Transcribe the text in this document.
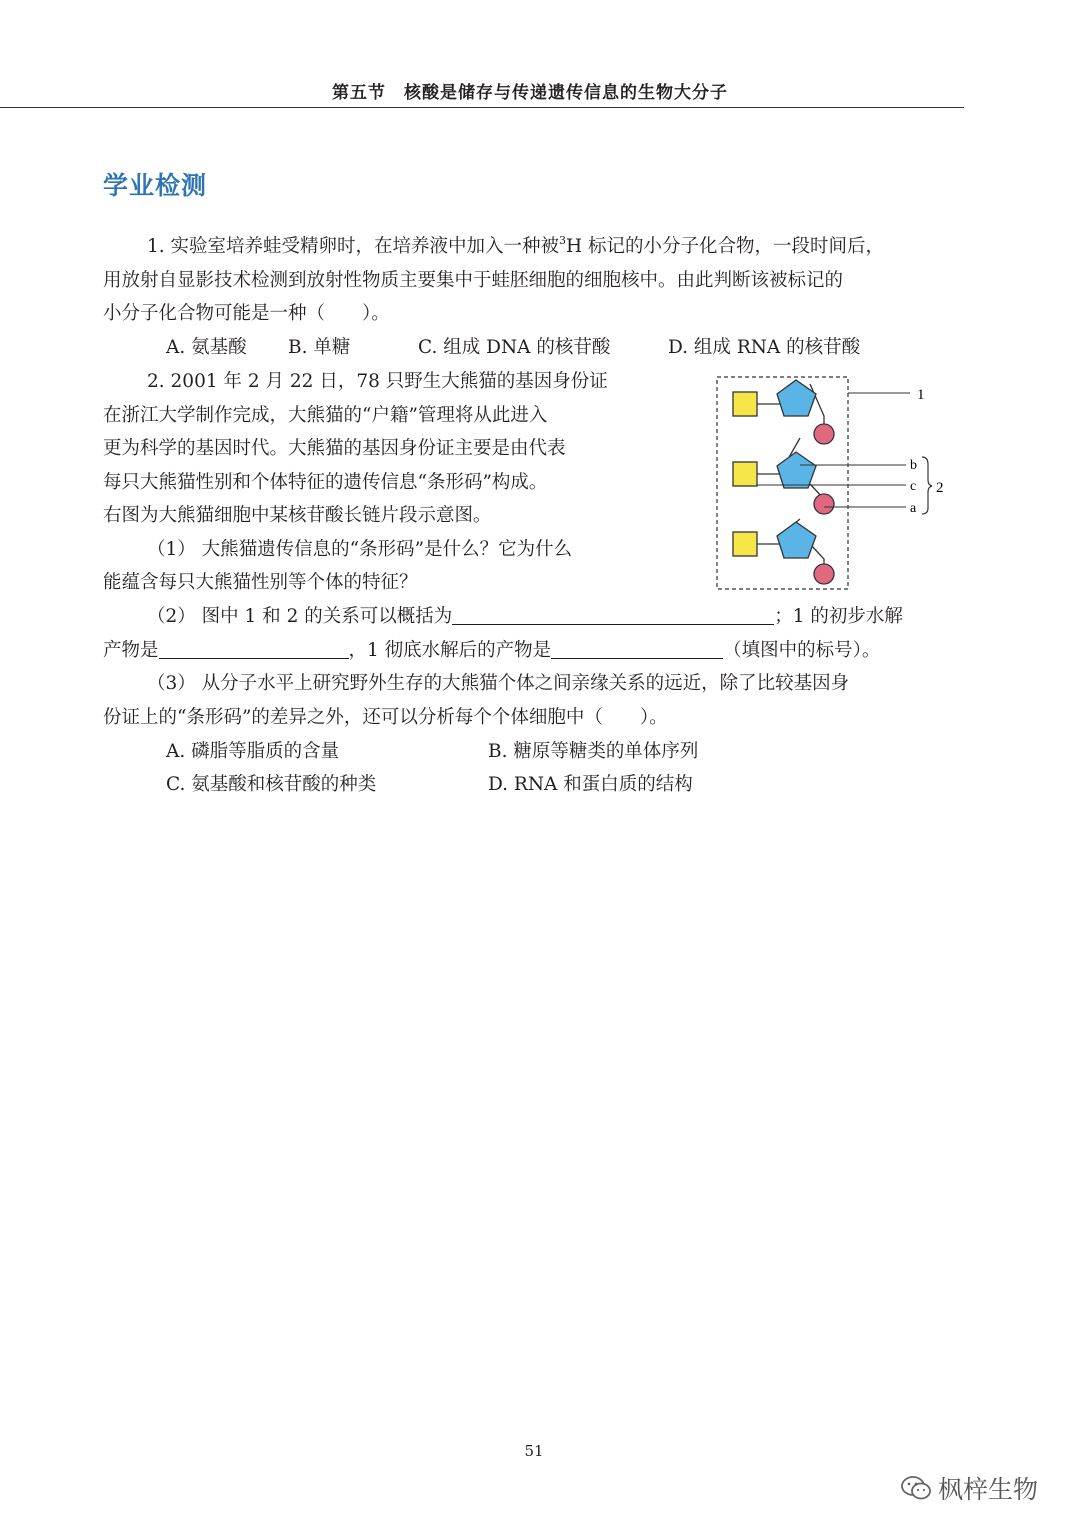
第五节　核酸是储存与传递遗传信息的生物大分子
学业检测
1. 实验室培养蛙受精卵时，在培养液中加入一种被$^3$H 标记的小分子化合物，一段时间后，
用放射自显影技术检测到放射性物质主要集中于蛙胚细胞的细胞核中。由此判断该被标记的
小分子化合物可能是一种（　　）。
A. 氨基酸 B. 单糖	C. 组成 DNA 的核苷酸	D. 组成 RNA 的核苷酸
2. 2001 年 2 月 22 日，78 只野生大熊猫的基因身份证
在浙江大学制作完成，大熊猫的“户籍”管理将从此进入
更为科学的基因时代。大熊猫的基因身份证主要是由代表
每只大熊猫性别和个体特征的遗传信息“条形码”构成。
右图为大熊猫细胞中某核苷酸长链片段示意图。
（1） 大熊猫遗传信息的“条形码”是什么？它为什么
能蕴含每只大熊猫性别等个体的特征？
（2） 图中 1 和 2 的关系可以概括为	；1 的初步水解
产物是	，1 彻底水解后的产物是	（填图中的标号）。
（3） 从分子水平上研究野外生存的大熊猫个体之间亲缘关系的远近，除了比较基因身
份证上的“条形码”的差异之外，还可以分析每个个体细胞中（　　）。
A. 磷脂等脂质的含量	B. 糖原等糖类的单体序列
C. 氨基酸和核苷酸的种类	D. RNA 和蛋白质的结构
1
b
c
a
2
51
枫梓生物
